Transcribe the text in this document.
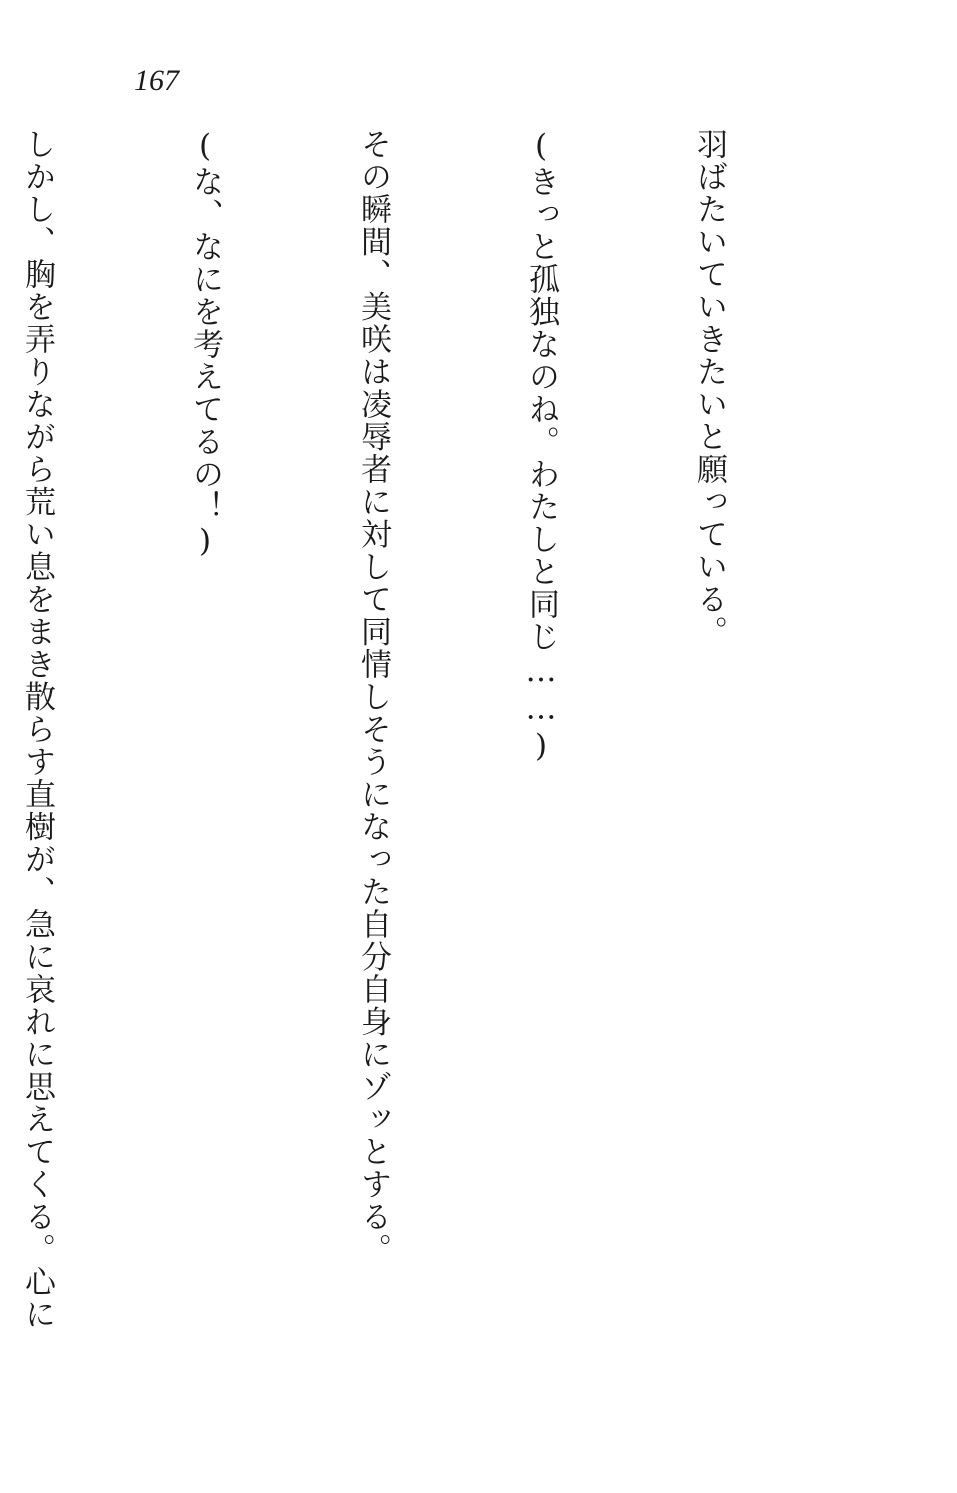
167

羽ばたいていきたいと願っている。

(きっと孤独なのね。わたしと同じ……)

その瞬間、美咲は凌辱者に対して同情しそうになった自分自身にゾッとする。

(な、なにを考えてるの！)

しかし、胸を弄りながら荒い息をまき散らす直樹が、急に哀れに思えてくる。心に
